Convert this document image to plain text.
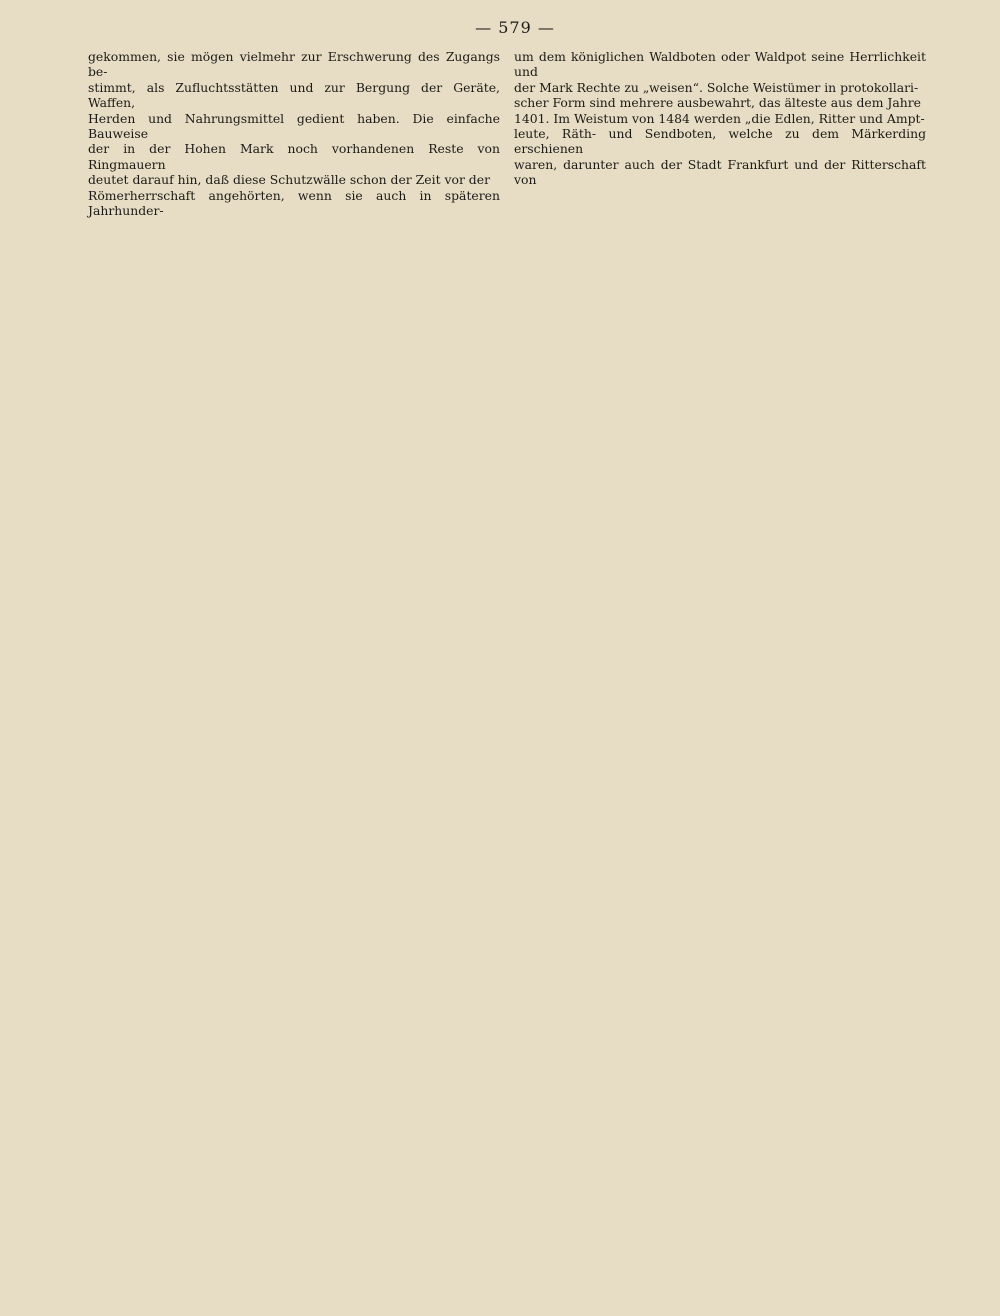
— 579 —

gekommen, sie mögen vielmehr zur Erschwerung des Zugangs be-

stimmt, als Zufluchtsstätten und zur Bergung der Geräte, Waffen,

Herden und Nahrungsmittel gedient haben. Die einfache Bauweise

der in der Hohen Mark noch vorhandenen Reste von Ringmauern

deutet darauf hin, daß diese Schutzwälle schon der Zeit vor der

Römerherrschaft angehörten, wenn sie auch in späteren Jahrhunder-

um dem königlichen Waldboten oder Waldpot seine Herrlichkeit und

der Mark Rechte zu „weisen“. Solche Weistümer in protokollari-

scher Form sind mehrere ausbewahrt, das älteste aus dem Jahre

1401. Im Weistum von 1484 werden „die Edlen, Ritter und Ampt-

leute, Räth- und Sendboten, welche zu dem Märkerding erschienen

waren, darunter auch der Stadt Frankfurt und der Ritterschaft von
